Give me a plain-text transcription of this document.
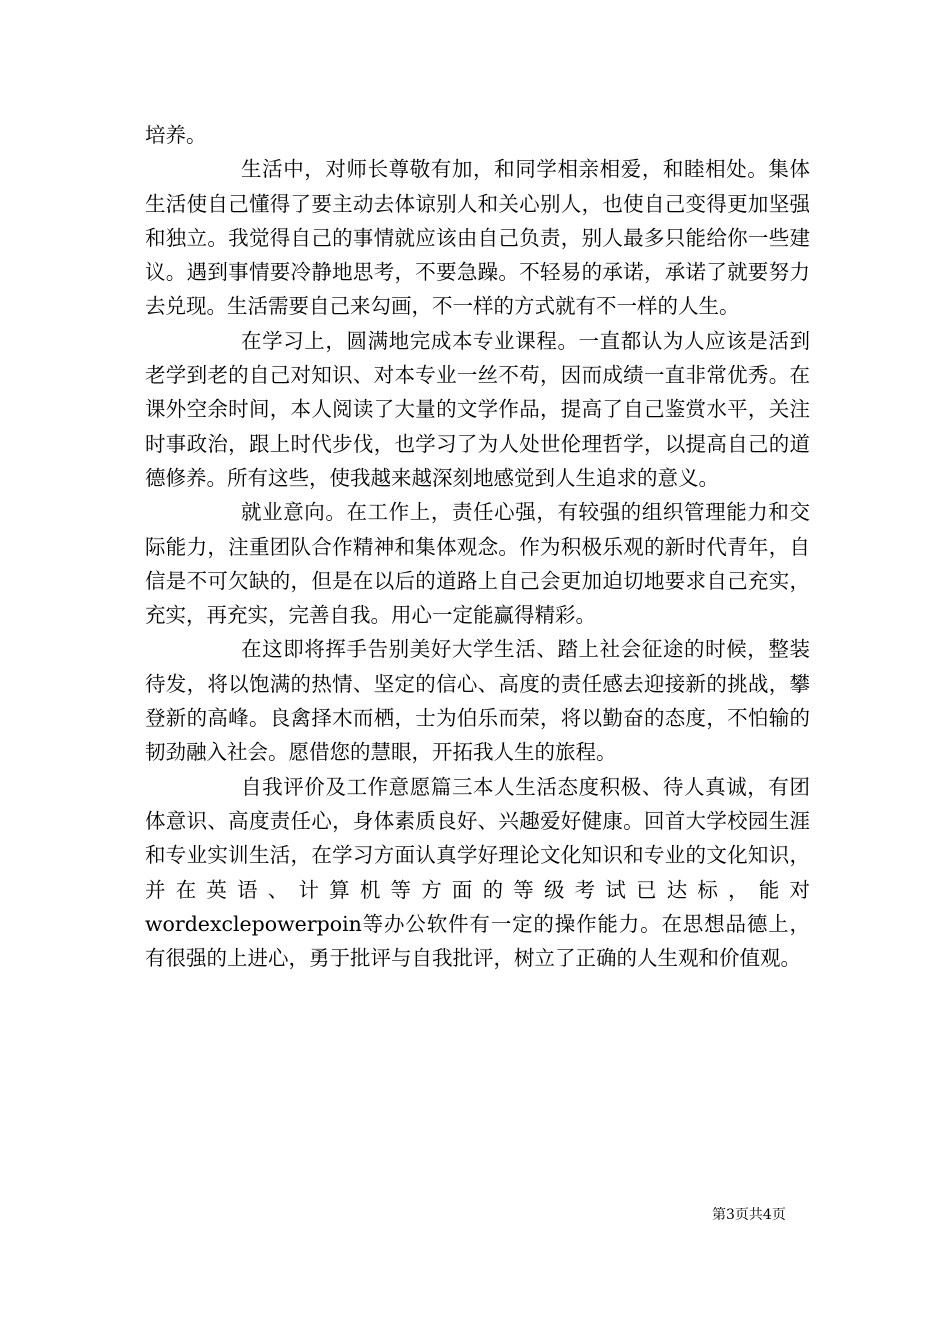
培养。

生活中，对师长尊敬有加，和同学相亲相爱，和睦相处。集体生活使自己懂得了要主动去体谅别人和关心别人，也使自己变得更加坚强和独立。我觉得自己的事情就应该由自己负责，别人最多只能给你一些建议。遇到事情要冷静地思考，不要急躁。不轻易的承诺，承诺了就要努力去兑现。生活需要自己来勾画，不一样的方式就有不一样的人生。

在学习上，圆满地完成本专业课程。一直都认为人应该是活到老学到老的自己对知识、对本专业一丝不苟，因而成绩一直非常优秀。在课外空余时间，本人阅读了大量的文学作品，提高了自己鉴赏水平，关注时事政治，跟上时代步伐，也学习了为人处世伦理哲学，以提高自己的道德修养。所有这些，使我越来越深刻地感觉到人生追求的意义。

就业意向。在工作上，责任心强，有较强的组织管理能力和交际能力，注重团队合作精神和集体观念。作为积极乐观的新时代青年，自信是不可欠缺的，但是在以后的道路上自己会更加迫切地要求自己充实，充实，再充实，完善自我。用心一定能赢得精彩。

在这即将挥手告别美好大学生活、踏上社会征途的时候，整装待发，将以饱满的热情、坚定的信心、高度的责任感去迎接新的挑战，攀登新的高峰。良禽择木而栖，士为伯乐而荣，将以勤奋的态度，不怕输的韧劲融入社会。愿借您的慧眼，开拓我人生的旅程。

自我评价及工作意愿篇三本人生活态度积极、待人真诚，有团体意识、高度责任心，身体素质良好、兴趣爱好健康。回首大学校园生涯和专业实训生活，在学习方面认真学好理论文化知识和专业的文化知识，并在英语、计算机等方面的等级考试已达标，能对wordexclepowerpoin等办公软件有一定的操作能力。在思想品德上，有很强的上进心，勇于批评与自我批评，树立了正确的人生观和价值观。

第3页共4页
